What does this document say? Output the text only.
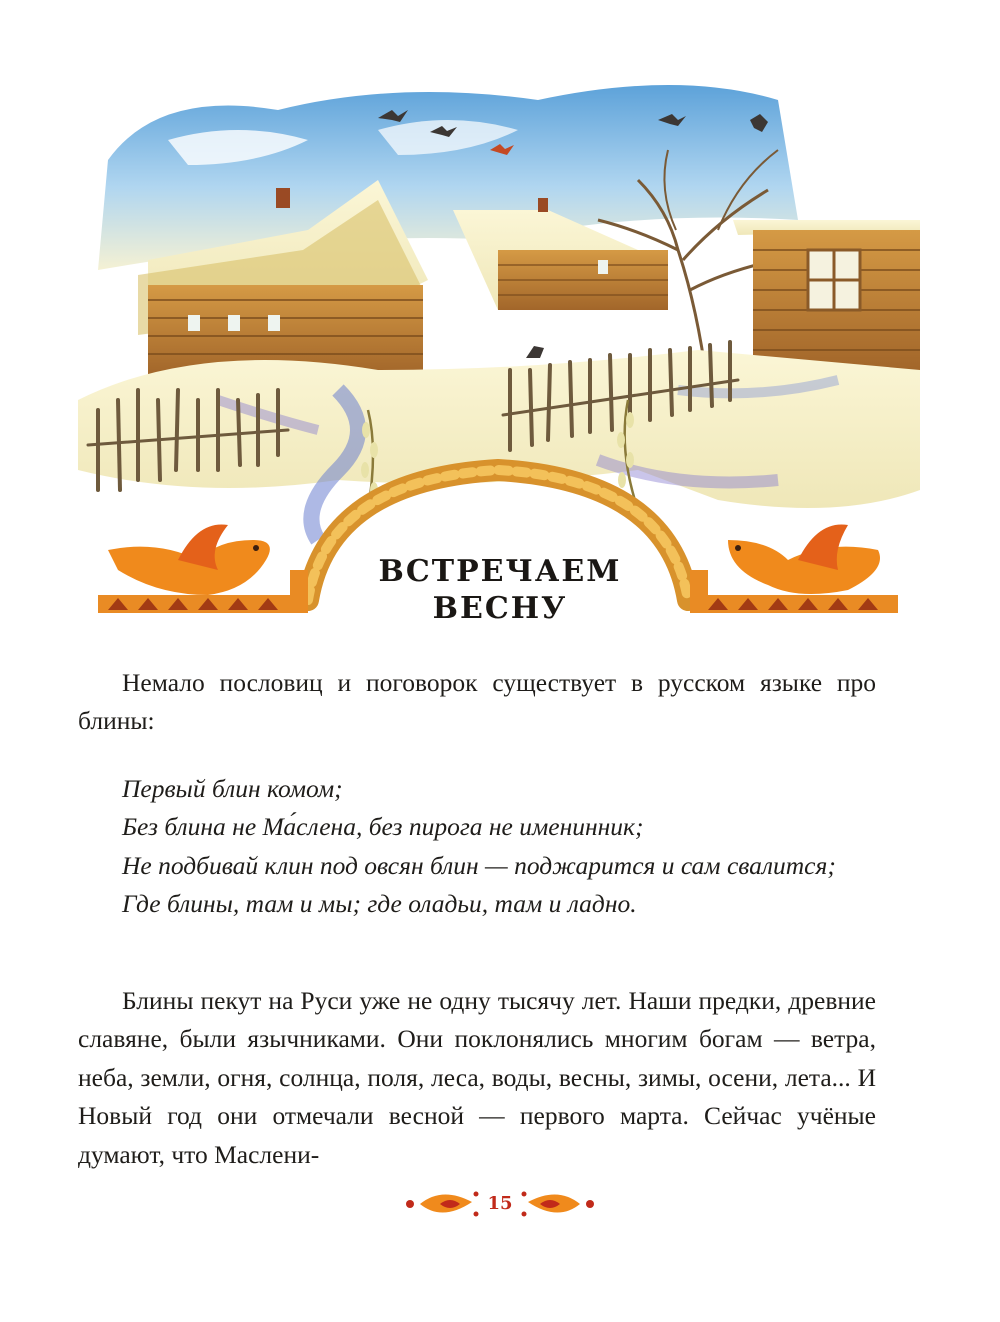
ВСТРЕЧАЕМ
ВЕСНУ

Немало пословиц и поговорок существует в русском языке про блины:

Первый блин комом;

Без блина не Ма́слена, без пирога не именинник;

Не подбивай клин под овсян блин — поджарится и сам свалится;

Где блины, там и мы; где оладьи, там и ладно.

Блины пекут на Руси уже не одну тысячу лет. Наши предки, древние славяне, были язычниками. Они поклонялись многим богам — ветра, неба, земли, огня, солнца, поля, леса, воды, весны, зимы, осени, лета... И Новый год они отмечали весной — первого марта. Сейчас учёные думают, что Маслени-

15
